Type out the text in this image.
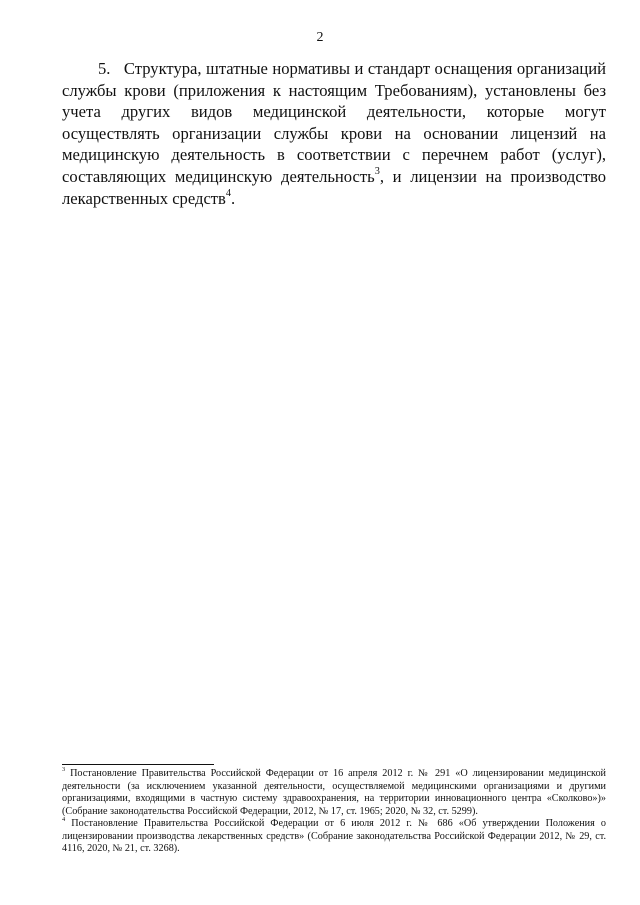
2

5.   Структура, штатные нормативы и стандарт оснащения организаций службы крови (приложения к настоящим Требованиям), установлены без учета других видов медицинской деятельности, которые могут осуществлять организации службы крови на основании лицензий на медицинскую деятельность в соответствии с перечнем работ (услуг), составляющих медицинскую деятельность$^3$, и лицензии на производство лекарственных средств$^4$.

$^3$ Постановление Правительства Российской Федерации от 16 апреля 2012 г. № 291 «О лицензировании медицинской деятельности (за исключением указанной деятельности, осуществляемой медицинскими организациями и другими организациями, входящими в частную систему здравоохранения, на территории инновационного центра «Сколково»)» (Собрание законодательства Российской Федерации, 2012, № 17, ст. 1965; 2020, № 32, ст. 5299).

$^4$ Постановление Правительства Российской Федерации от 6 июля 2012 г. № 686 «Об утверждении Положения о лицензировании производства лекарственных средств» (Собрание законодательства Российской Федерации 2012, № 29, ст. 4116, 2020, № 21, ст. 3268).
